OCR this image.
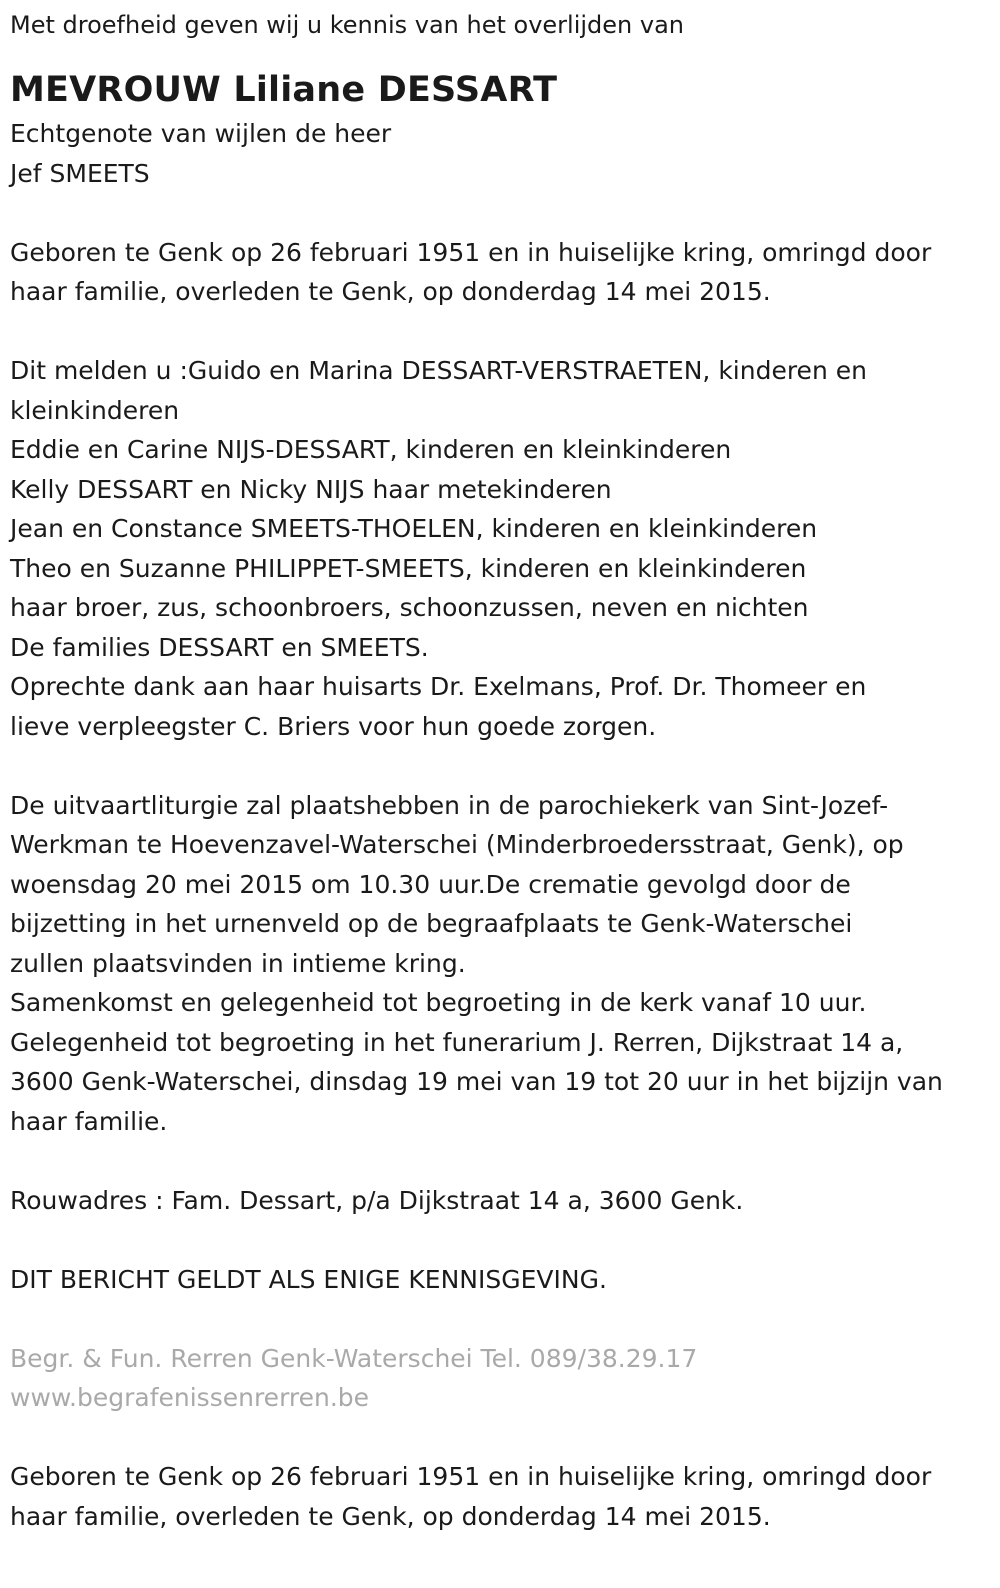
Met droefheid geven wij u kennis van het overlijden van

MEVROUW Liliane DESSART

Echtgenote van wijlen de heer

Jef SMEETS

Geboren te Genk op 26 februari 1951 en in huiselijke kring, omringd door

haar familie, overleden te Genk, op donderdag 14 mei 2015.

Dit melden u :Guido en Marina DESSART-VERSTRAETEN, kinderen en

kleinkinderen

Eddie en Carine NIJS-DESSART, kinderen en kleinkinderen

Kelly DESSART en Nicky NIJS haar metekinderen

Jean en Constance SMEETS-THOELEN, kinderen en kleinkinderen

Theo en Suzanne PHILIPPET-SMEETS, kinderen en kleinkinderen

haar broer, zus, schoonbroers, schoonzussen, neven en nichten

De families DESSART en SMEETS.

Oprechte dank aan haar huisarts Dr. Exelmans, Prof. Dr. Thomeer en

lieve verpleegster C. Briers voor hun goede zorgen.

De uitvaartliturgie zal plaatshebben in de parochiekerk van Sint-Jozef-

Werkman te Hoevenzavel-Waterschei (Minderbroedersstraat, Genk), op

woensdag 20 mei 2015 om 10.30 uur.De crematie gevolgd door de

bijzetting in het urnenveld op de begraafplaats te Genk-Waterschei

zullen plaatsvinden in intieme kring.

Samenkomst en gelegenheid tot begroeting in de kerk vanaf 10 uur.

Gelegenheid tot begroeting in het funerarium J. Rerren, Dijkstraat 14 a,

3600 Genk-Waterschei, dinsdag 19 mei van 19 tot 20 uur in het bijzijn van

haar familie.

Rouwadres : Fam. Dessart, p/a Dijkstraat 14 a, 3600 Genk.

DIT BERICHT GELDT ALS ENIGE KENNISGEVING.

Begr. & Fun. Rerren Genk-Waterschei Tel. 089/38.29.17

www.begrafenissenrerren.be

Geboren te Genk op 26 februari 1951 en in huiselijke kring, omringd door

haar familie, overleden te Genk, op donderdag 14 mei 2015.
